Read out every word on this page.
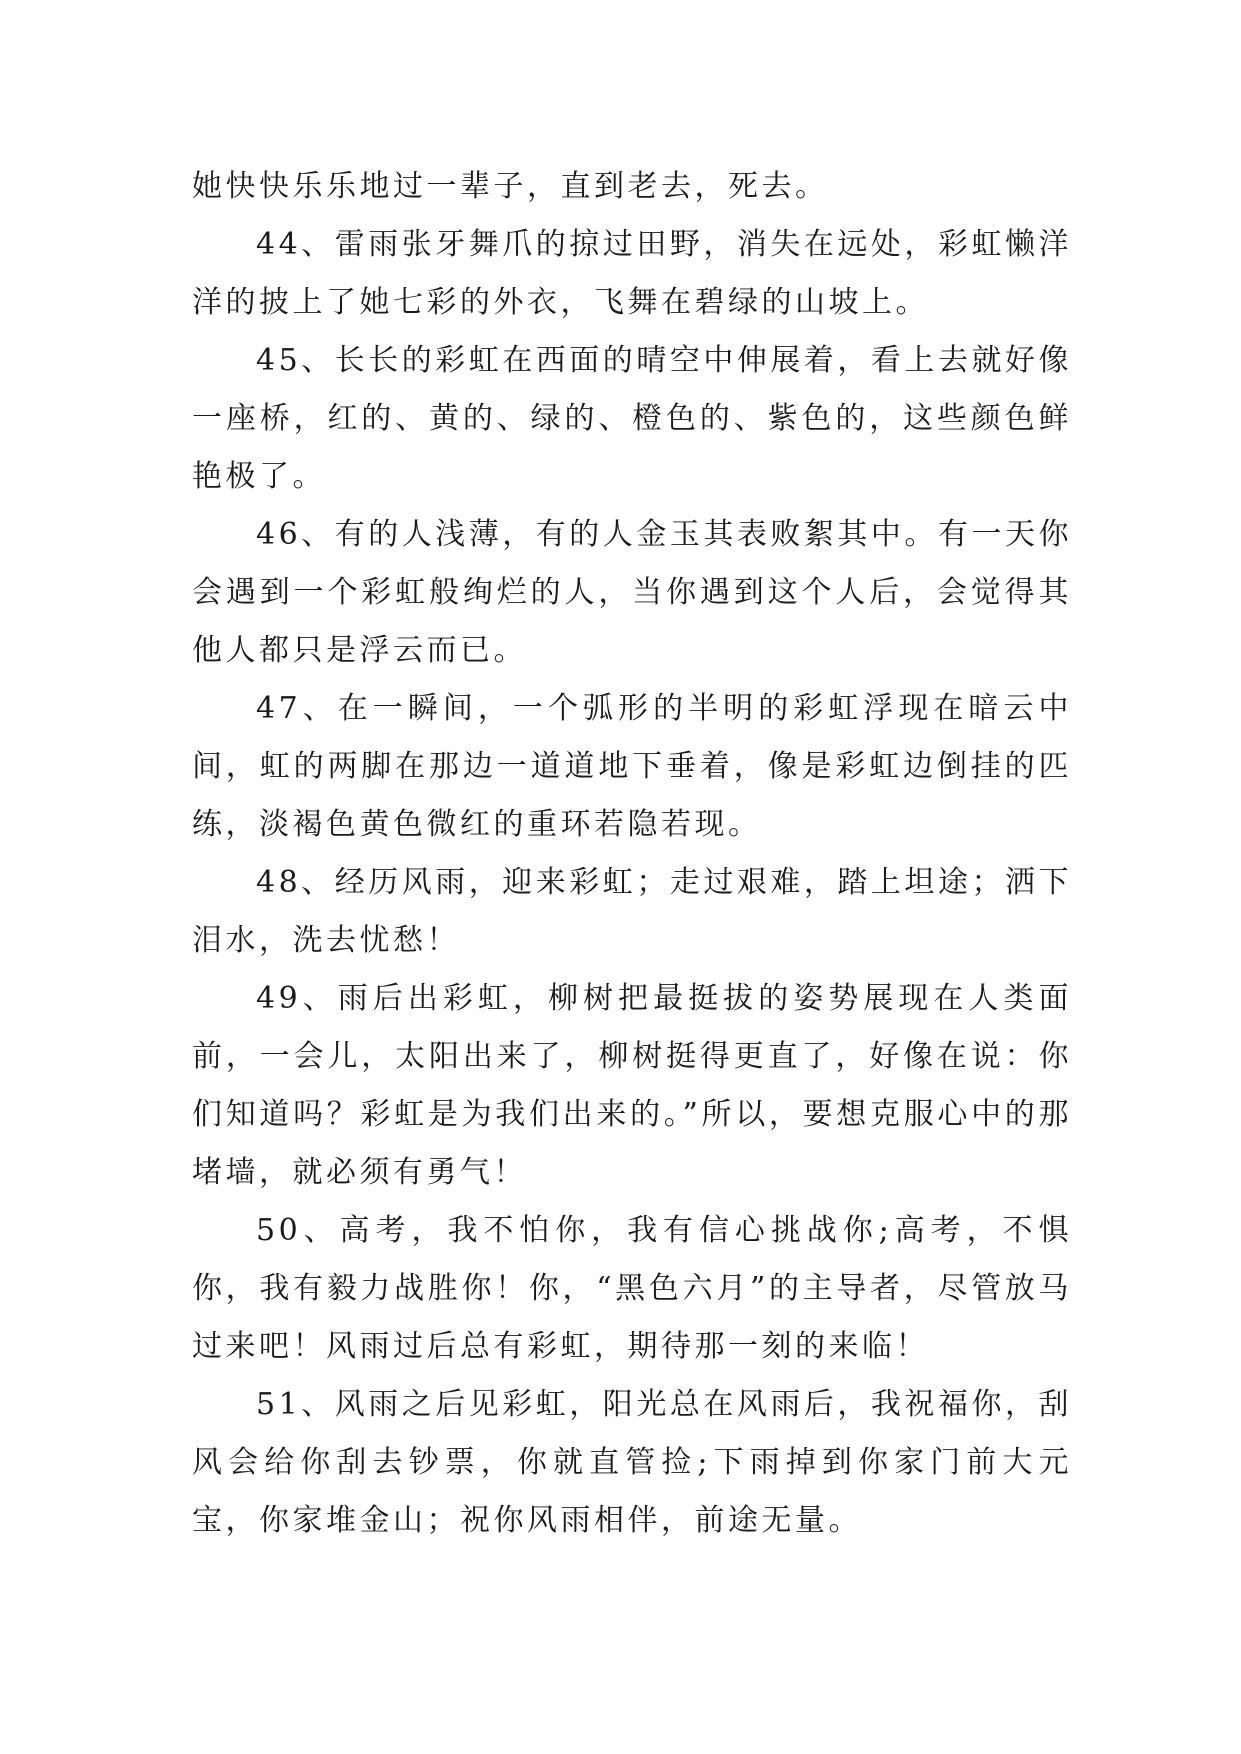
她快快乐乐地过一辈子，直到老去，死去。

44、雷雨张牙舞爪的掠过田野，消失在远处，彩虹懒洋洋的披上了她七彩的外衣，飞舞在碧绿的山坡上。

45、长长的彩虹在西面的晴空中伸展着，看上去就好像一座桥，红的、黄的、绿的、橙色的、紫色的，这些颜色鲜艳极了。

46、有的人浅薄，有的人金玉其表败絮其中。有一天你会遇到一个彩虹般绚烂的人，当你遇到这个人后，会觉得其他人都只是浮云而已。

47、在一瞬间，一个弧形的半明的彩虹浮现在暗云中间，虹的两脚在那边一道道地下垂着，像是彩虹边倒挂的匹练，淡褐色黄色微红的重环若隐若现。

48、经历风雨，迎来彩虹；走过艰难，踏上坦途；洒下泪水，洗去忧愁！

49、雨后出彩虹，柳树把最挺拔的姿势展现在人类面前，一会儿，太阳出来了，柳树挺得更直了，好像在说：你们知道吗？彩虹是为我们出来的。”所以，要想克服心中的那堵墙，就必须有勇气！

50、高考，我不怕你，我有信心挑战你;高考，不惧你，我有毅力战胜你！你，“黑色六月”的主导者，尽管放马过来吧！风雨过后总有彩虹，期待那一刻的来临！

51、风雨之后见彩虹，阳光总在风雨后，我祝福你，刮风会给你刮去钞票，你就直管捡;下雨掉到你家门前大元宝，你家堆金山；祝你风雨相伴，前途无量。
